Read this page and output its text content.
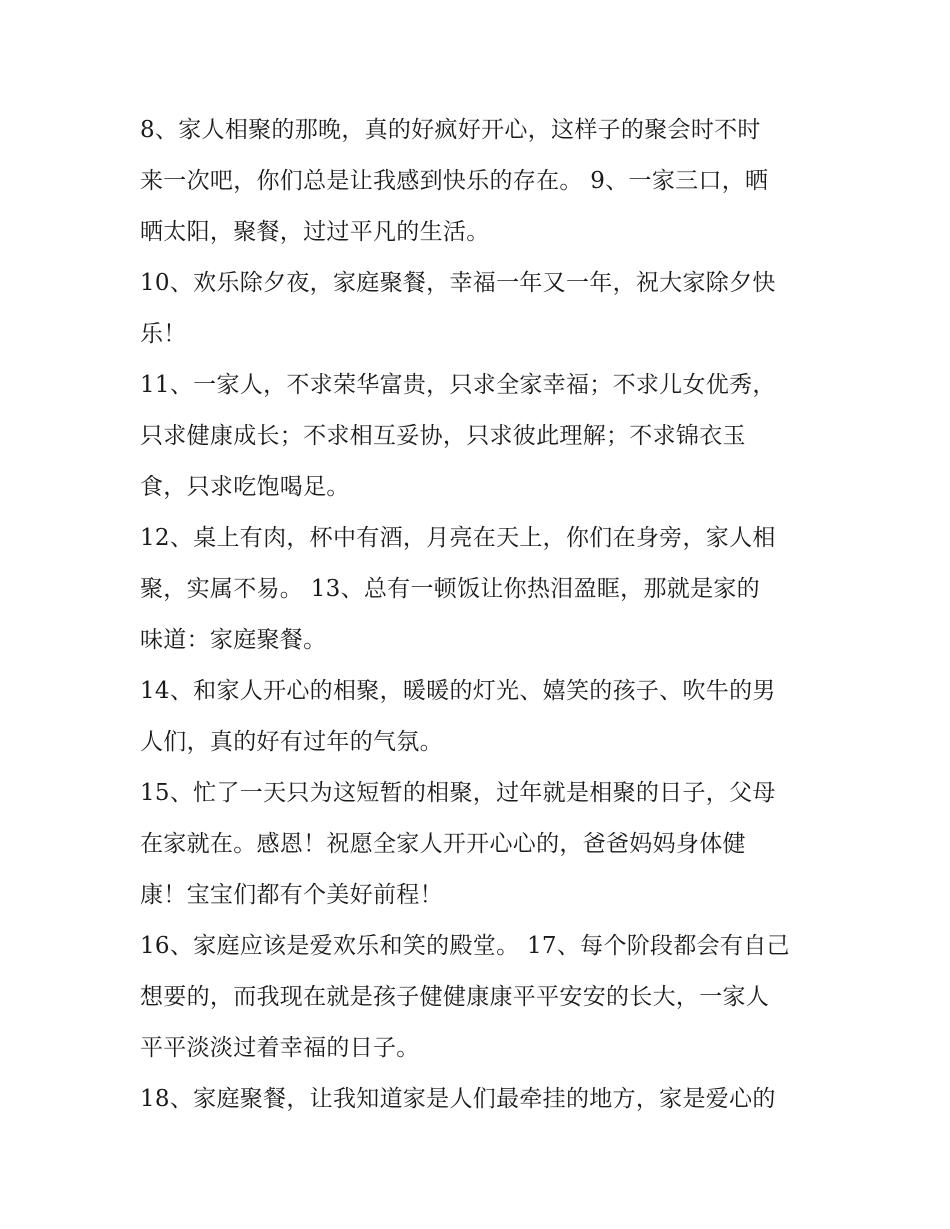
8、家人相聚的那晚，真的好疯好开心，这样子的聚会时不时
来一次吧，你们总是让我感到快乐的存在。 9、一家三口，晒
晒太阳，聚餐，过过平凡的生活。
10、欢乐除夕夜，家庭聚餐，幸福一年又一年，祝大家除夕快
乐！
11、一家人，不求荣华富贵，只求全家幸福；不求儿女优秀，
只求健康成长；不求相互妥协，只求彼此理解；不求锦衣玉
食，只求吃饱喝足。
12、桌上有肉，杯中有酒，月亮在天上，你们在身旁，家人相
聚，实属不易。 13、总有一顿饭让你热泪盈眶，那就是家的
味道：家庭聚餐。
14、和家人开心的相聚，暖暖的灯光、嬉笑的孩子、吹牛的男
人们，真的好有过年的气氛。
15、忙了一天只为这短暂的相聚，过年就是相聚的日子，父母
在家就在。感恩！祝愿全家人开开心心的，爸爸妈妈身体健
康！宝宝们都有个美好前程！
16、家庭应该是爱欢乐和笑的殿堂。 17、每个阶段都会有自己
想要的，而我现在就是孩子健健康康平平安安的长大，一家人
平平淡淡过着幸福的日子。
18、家庭聚餐，让我知道家是人们最牵挂的地方，家是爱心的
